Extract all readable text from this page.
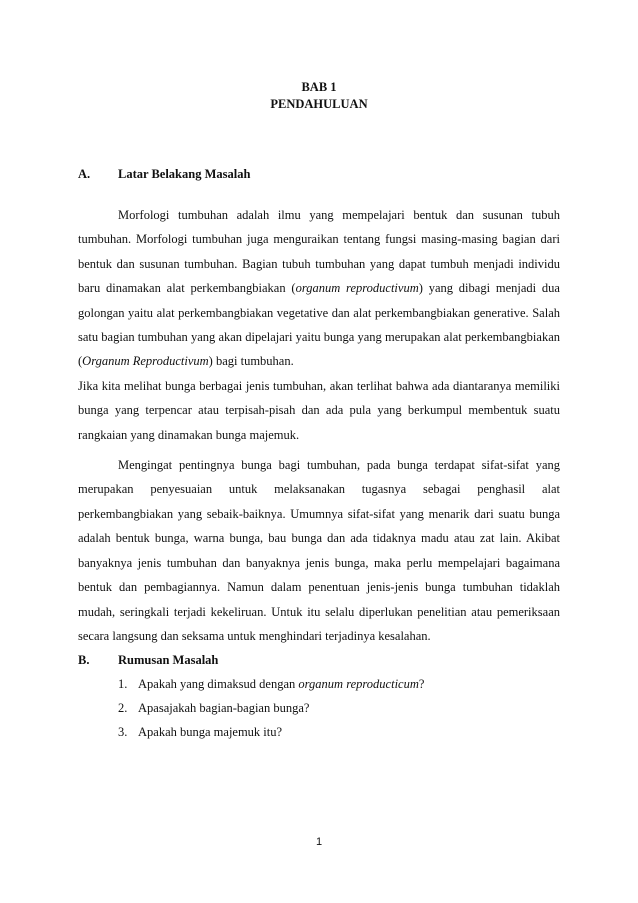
BAB 1
PENDAHULUAN
A. Latar Belakang Masalah

Morfologi tumbuhan adalah ilmu yang mempelajari bentuk dan susunan tubuh tumbuhan. Morfologi tumbuhan juga menguraikan tentang fungsi masing-masing bagian dari bentuk dan susunan tumbuhan. Bagian tubuh tumbuhan yang dapat tumbuh menjadi individu baru dinamakan alat perkembangbiakan (organum reproductivum) yang dibagi menjadi dua golongan yaitu alat perkembangbiakan vegetative dan alat perkembangbiakan generative. Salah satu bagian tumbuhan yang akan dipelajari yaitu bunga yang merupakan alat perkembangbiakan (Organum Reproductivum) bagi tumbuhan.

Jika kita melihat bunga berbagai jenis tumbuhan, akan terlihat bahwa ada diantaranya memiliki bunga yang terpencar atau terpisah-pisah dan ada pula yang berkumpul membentuk suatu rangkaian yang dinamakan bunga majemuk.

Mengingat pentingnya bunga bagi tumbuhan, pada bunga terdapat sifat-sifat yang merupakan penyesuaian untuk melaksanakan tugasnya sebagai penghasil alat perkembangbiakan yang sebaik-baiknya. Umumnya sifat-sifat yang menarik dari suatu bunga adalah bentuk bunga, warna bunga, bau bunga dan ada tidaknya madu atau zat lain. Akibat banyaknya jenis tumbuhan dan banyaknya jenis bunga, maka perlu mempelajari bagaimana bentuk dan pembagiannya. Namun dalam penentuan jenis-jenis bunga tumbuhan tidaklah mudah, seringkali terjadi kekeliruan. Untuk itu selalu diperlukan penelitian atau pemeriksaan secara langsung dan seksama untuk menghindari terjadinya kesalahan.

B. Rumusan Masalah
1. Apakah yang dimaksud dengan organum reproducticum?
2. Apasajakah bagian-bagian bunga?
3. Apakah bunga majemuk itu?
1
